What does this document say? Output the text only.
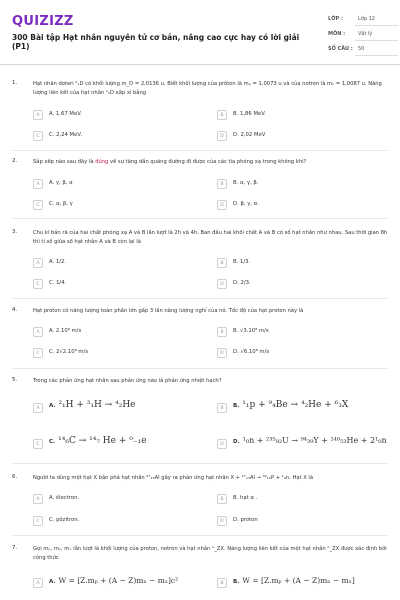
QUIZIZZ
300 Bài tập Hạt nhân nguyên tử cơ bản, nâng cao cực hay có lời giải (P1)
LỚP :	Lớp 12
MÔN :	Vật lý
SỐ CÂU : 50
1.	Hạt nhân doteri ²₁D có khối lượng m_D = 2,0136 u. Biết khối lượng của prôton là mₚ = 1,0073 u và của notron là mₙ = 1,0087 u. Năng lượng liên kết của hạt nhân ²₁D xấp xỉ bằng
A	A. 1,67 MeV.	B	B. 1,86 MeV.
C	C. 2,24 MeV.	D	D. 2,02 MeV
2.	Sắp xếp nào sau đây là đúng về sự tăng dần quãng đường đi được của các tia phóng xạ trong không khí?
A	A. γ, β, α	B	B. α, γ, β.
C	C. α, β, γ	D	D. β, γ, α.
3.	Chu kì bán rã của hai chất phóng xạ A và B lần lượt là 2h và 4h. Ban đầu hai khối chất A và B có số hạt nhân như nhau. Sau thời gian 8h thì tỉ số giữa số hạt nhân A và B còn lại là
A	A. 1/2.	B	B. 1/3.
C	C. 1/4.	D	D. 2/3.
4.	Hạt proton có năng lượng toàn phần lớn gấp 3 lần năng lượng nghỉ của nó. Tốc độ của hạt proton này là
A	A. 2.10⁸ m/s	B	B. √3.10⁸ m/s
C	C. 2√2.10⁸ m/s	D	D. √6.10⁸ m/s
5.	Trong các phản ứng hạt nhân sau phản ứng nào là phản ứng nhiệt hạch?
A	A. ²₁H + ³₁H → ⁴₂He	B	B. ¹₁p + ⁹₄Be → ⁴₂He + ⁶₃X
C	C. ¹⁴₆C → ¹⁴₇ He + ⁰₋₁e	D	D. ¹₀n + ²³⁵₉₂U → ⁹⁴₃₉Y + ¹⁴⁰₅₃He + 2¹₀n
6.	Người ta dùng một hạt X bắn phá hạt nhân ²⁷₁₃Al gây ra phản ứng hạt nhân X + ²⁷₁₃Al → ³⁰₁₅P + ¹₀n. Hạt X là
A	A. êlectron.	B	B. hạt α .
C	C. pôzitron.	D	D. proton
7.	Gọi mₚ, mₙ, mₓ lần lượt là khối lượng của proton, notron và hạt nhân ᴬ_ZX. Năng lượng liên kết của một hạt nhân ᴬ_ZX được xác định bởi công thức
A	A. W = [Z.mₚ + (A − Z)mₙ − mₓ]c²	B	B. W = [Z.mₚ + (A − Z)mₙ − mₓ]
